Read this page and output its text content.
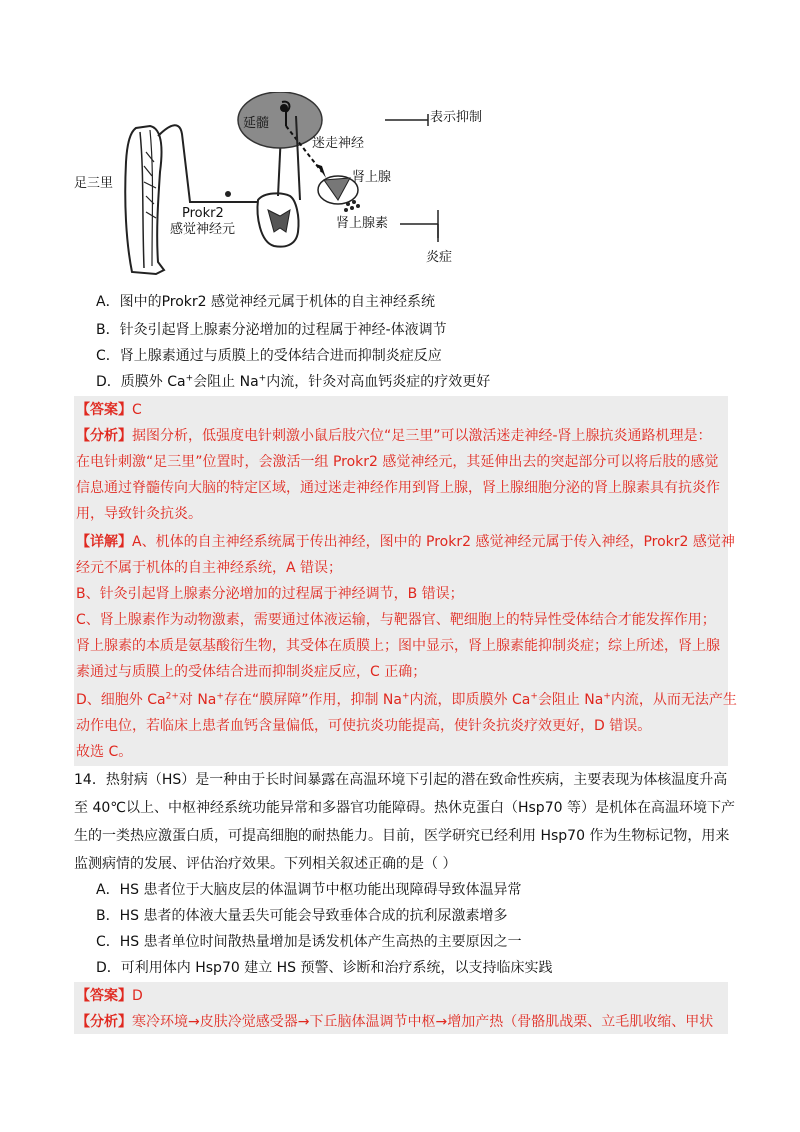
表示抑制
延髓
迷走神经
肾上腺
足三里
Prokr2
感觉神经元	肾上腺素
炎症
A．图中的Prokr2 感觉神经元属于机体的自主神经系统
B．针灸引起肾上腺素分泌增加的过程属于神经-体液调节
C．肾上腺素通过与质膜上的受体结合进而抑制炎症反应
D．质膜外 Ca+会阻止 Na+内流，针灸对高血钙炎症的疗效更好
【答案】C
【分析】据图分析，低强度电针刺激小鼠后肢穴位“足三里”可以激活迷走神经-肾上腺抗炎通路机理是：
在电针刺激“足三里”位置时，会激活一组 Prokr2 感觉神经元，其延伸出去的突起部分可以将后肢的感觉
信息通过脊髓传向大脑的特定区域，通过迷走神经作用到肾上腺，肾上腺细胞分泌的肾上腺素具有抗炎作
用，导致针灸抗炎。
【详解】A、机体的自主神经系统属于传出神经，图中的 Prokr2 感觉神经元属于传入神经，Prokr2 感觉神
经元不属于机体的自主神经系统，A 错误；
B、针灸引起肾上腺素分泌增加的过程属于神经调节，B 错误；
C、肾上腺素作为动物激素，需要通过体液运输，与靶器官、靶细胞上的特异性受体结合才能发挥作用；
肾上腺素的本质是氨基酸衍生物，其受体在质膜上；图中显示，肾上腺素能抑制炎症；综上所述，肾上腺
素通过与质膜上的受体结合进而抑制炎症反应，C 正确；
D、细胞外 $Ca^{2+}$对 Na+存在“膜屏障”作用，抑制 Na+内流，即质膜外 Ca+会阻止 Na+内流，从而无法产生
动作电位，若临床上患者血钙含量偏低，可使抗炎功能提高，使针灸抗炎疗效更好，D 错误。
故选 C。
14．热射病（HS）是一种由于长时间暴露在高温环境下引起的潜在致命性疾病，主要表现为体核温度升高
至 40℃以上、中枢神经系统功能异常和多器官功能障碍。热休克蛋白（Hsp70 等）是机体在高温环境下产
生的一类热应激蛋白质，可提高细胞的耐热能力。目前，医学研究已经利用 Hsp70 作为生物标记物，用来
监测病情的发展、评估治疗效果。下列相关叙述正确的是（ ）
A．HS 患者位于大脑皮层的体温调节中枢功能出现障碍导致体温异常
B．HS 患者的体液大量丢失可能会导致垂体合成的抗利尿激素增多
C．HS 患者单位时间散热量增加是诱发机体产生高热的主要原因之一
D．可利用体内 Hsp70 建立 HS 预警、诊断和治疗系统，以支持临床实践
【答案】D
【分析】寒冷环境→皮肤冷觉感受器→下丘脑体温调节中枢→增加产热（骨骼肌战栗、立毛肌收缩、甲状
